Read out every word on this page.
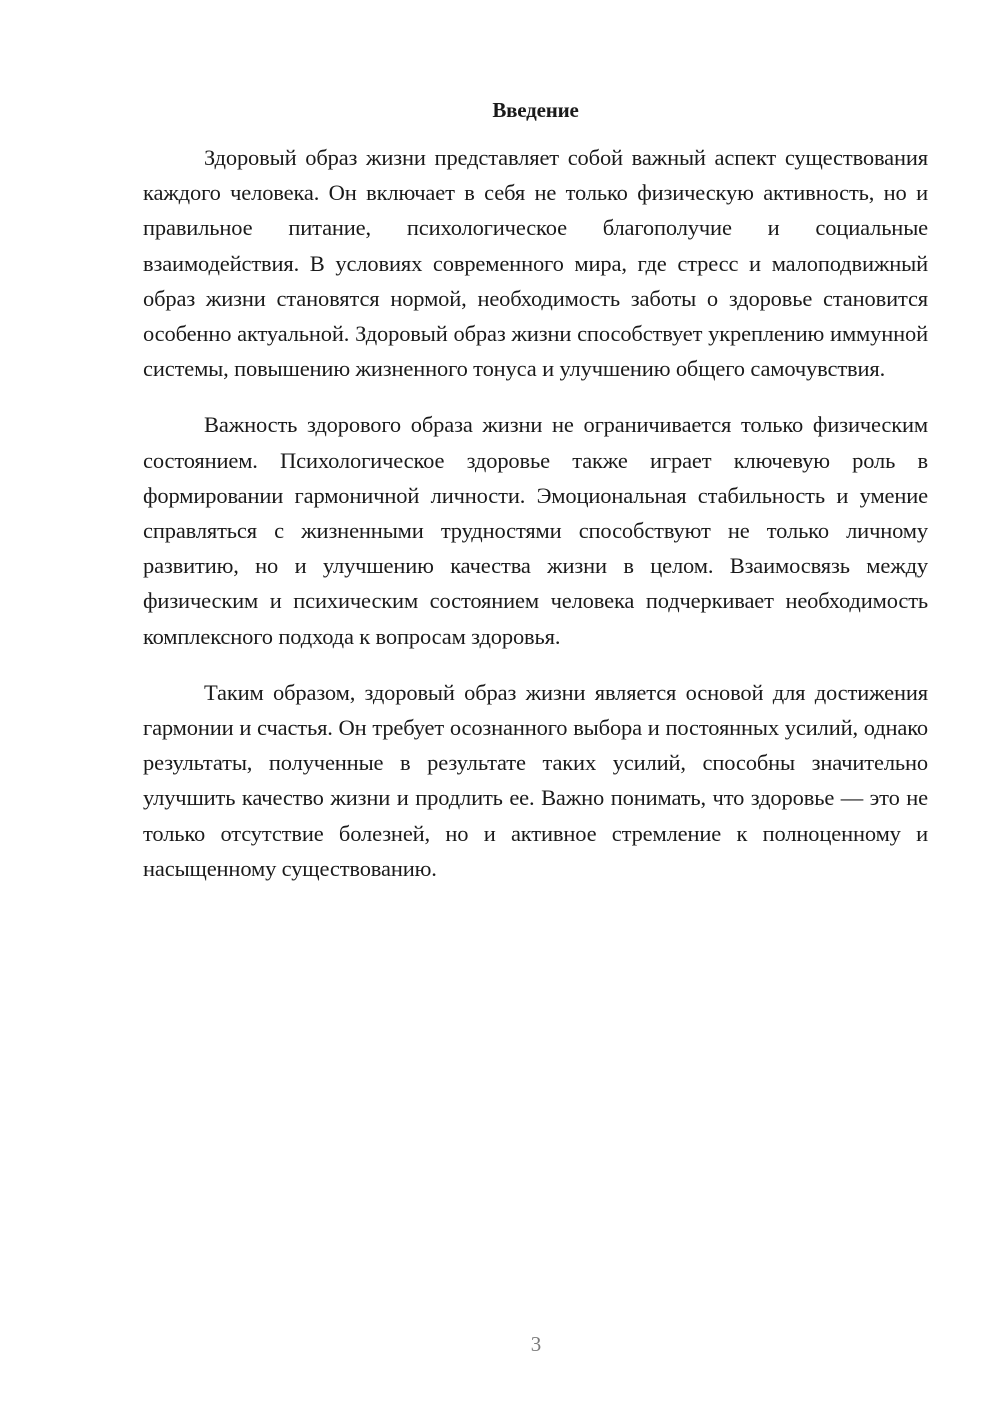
Введение

Здоровый образ жизни представляет собой важный аспект существования каждого человека. Он включает в себя не только физическую активность, но и правильное питание, психологическое благополучие и социальные взаимодействия. В условиях современного мира, где стресс и малоподвижный образ жизни становятся нормой, необходимость заботы о здоровье становится особенно актуальной. Здоровый образ жизни способствует укреплению иммунной системы, повышению жизненного тонуса и улучшению общего самочувствия.

Важность здорового образа жизни не ограничивается только физическим состоянием. Психологическое здоровье также играет ключевую роль в формировании гармоничной личности. Эмоциональная стабильность и умение справляться с жизненными трудностями способствуют не только личному развитию, но и улучшению качества жизни в целом. Взаимосвязь между физическим и психическим состоянием человека подчеркивает необходимость комплексного подхода к вопросам здоровья.

Таким образом, здоровый образ жизни является основой для достижения гармонии и счастья. Он требует осознанного выбора и постоянных усилий, однако результаты, полученные в результате таких усилий, способны значительно улучшить качество жизни и продлить ее. Важно понимать, что здоровье — это не только отсутствие болезней, но и активное стремление к полноценному и насыщенному существованию.

3
